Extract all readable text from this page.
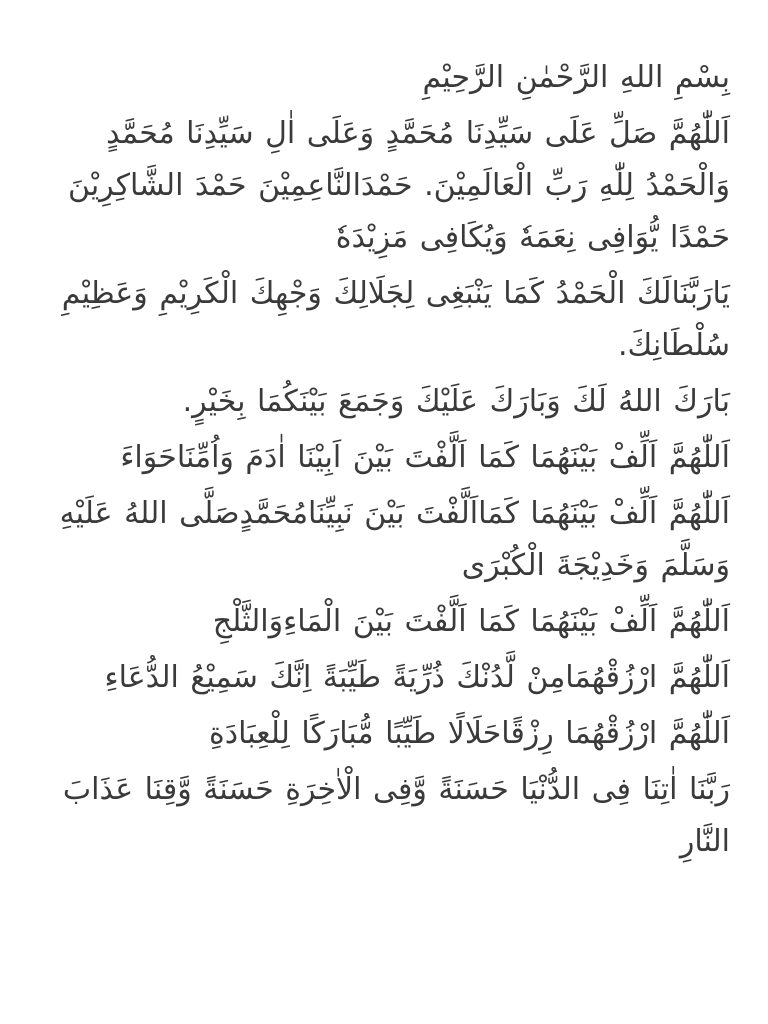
بِسْمِ اللهِ الرَّحْمٰنِ الرَّحِيْمِ

اَللّٰهُمَّ صَلِّ عَلَى سَيِّدِنَا مُحَمَّدٍ وَعَلَى اٰلِ سَيِّدِنَا مُحَمَّدٍ وَالْحَمْدُ لِلّٰهِ رَبِّ الْعَالَمِيْنَ. حَمْدَالنَّاعِمِيْنَ حَمْدَ الشَّاكِرِيْنَ حَمْدًا يُّوَافِى نِعَمَهٗ وَيُكَافِى مَزِيْدَهٗ

يَارَبَّنَالَكَ الْحَمْدُ كَمَا يَنْبَغِى لِجَلَالِكَ وَجْهِكَ الْكَرِيْمِ وَعَظِيْمِ سُلْطَانِكَ.

بَارَكَ اللهُ لَكَ وَبَارَكَ عَلَيْكَ وَجَمَعَ بَيْنَكُمَا بِخَيْرٍ.

اَللّٰهُمَّ اَلِّفْ بَيْنَهُمَا كَمَا اَلَّفْتَ بَيْنَ اَبِيْنَا اٰدَمَ وَاُمِّنَاحَوَاءَ

اَللّٰهُمَّ اَلِّفْ بَيْنَهُمَا كَمَااَلَّفْتَ بَيْنَ نَبِيِّنَامُحَمَّدٍصَلَّى اللهُ عَلَيْهِ وَسَلَّمَ وَخَدِيْجَةَ الْكُبْرَى

اَللّٰهُمَّ اَلِّفْ بَيْنَهُمَا كَمَا اَلَّفْتَ بَيْنَ الْمَاءِوَالثَّلْجِ

اَللّٰهُمَّ ارْزُقْهُمَامِنْ لَّدُنْكَ ذُرِّيَةً طَيِّبَةً اِنَّكَ سَمِيْعُ الدُّعَاءِ

اَللّٰهُمَّ ارْزُقْهُمَا رِزْقًاحَلَالًا طَيِّبًا مُّبَارَكًا لِلْعِبَادَةِ

رَبَّنَا اٰتِنَا فِى الدُّنْيَا حَسَنَةً وَّفِى الْاٰخِرَةِ حَسَنَةً وَّقِنَا عَذَابَ النَّارِ
